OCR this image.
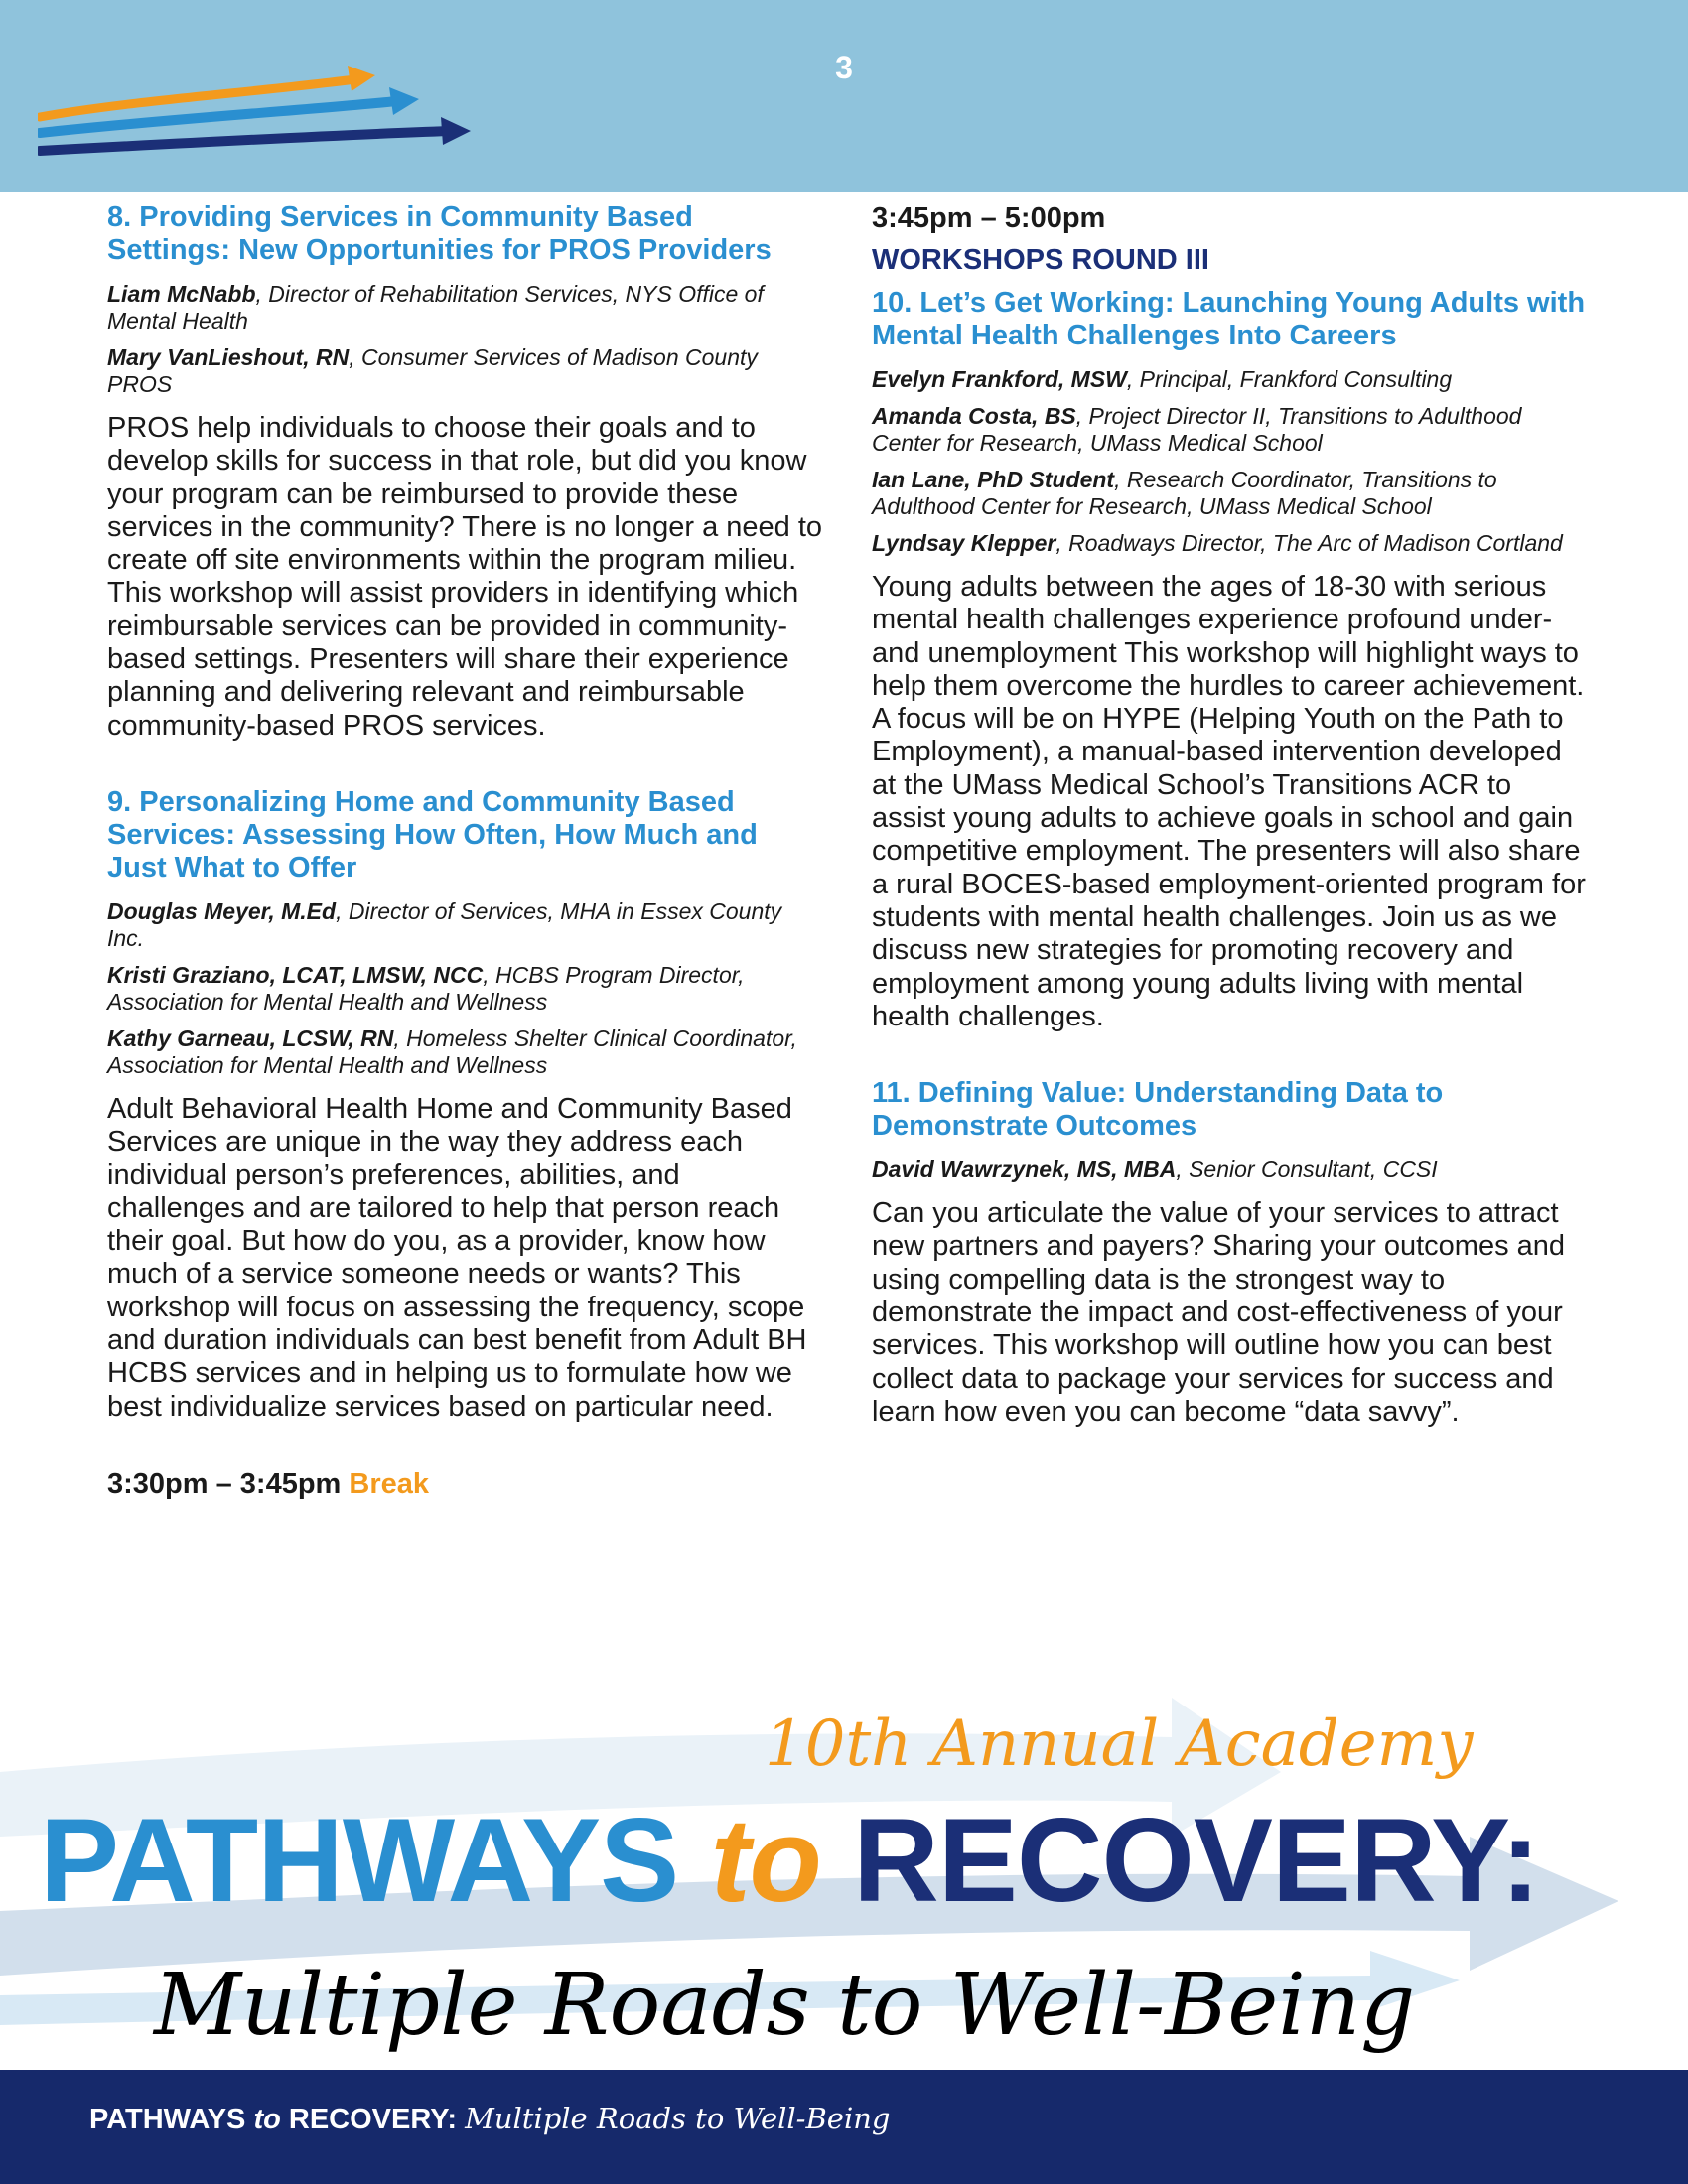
3
8. Providing Services in Community Based Settings: New Opportunities for PROS Providers
Liam McNabb, Director of Rehabilitation Services, NYS Office of Mental Health
Mary VanLieshout, RN, Consumer Services of Madison County PROS
PROS help individuals to choose their goals and to develop skills for success in that role, but did you know your program can be reimbursed to provide these services in the community? There is no longer a need to create off site environments within the program milieu. This workshop will assist providers in identifying which reimbursable services can be provided in community-based settings. Presenters will share their experience planning and delivering relevant and reimbursable community-based PROS services.
9. Personalizing Home and Community Based Services: Assessing How Often, How Much and Just What to Offer
Douglas Meyer, M.Ed, Director of Services, MHA in Essex County Inc.
Kristi Graziano, LCAT, LMSW, NCC, HCBS Program Director, Association for Mental Health and Wellness
Kathy Garneau, LCSW, RN, Homeless Shelter Clinical Coordinator, Association for Mental Health and Wellness
Adult Behavioral Health Home and Community Based Services are unique in the way they address each individual person’s preferences, abilities, and challenges and are tailored to help that person reach their goal. But how do you, as a provider, know how much of a service someone needs or wants? This workshop will focus on assessing the frequency, scope and duration individuals can best benefit from Adult BH HCBS services and in helping us to formulate how we best individualize services based on particular need.
3:30pm – 3:45pm Break
3:45pm – 5:00pm
WORKSHOPS ROUND III
10. Let’s Get Working: Launching Young Adults with Mental Health Challenges Into Careers
Evelyn Frankford, MSW, Principal, Frankford Consulting
Amanda Costa, BS, Project Director II, Transitions to Adulthood Center for Research, UMass Medical School
Ian Lane, PhD Student, Research Coordinator, Transitions to Adulthood Center for Research, UMass Medical School
Lyndsay Klepper, Roadways Director, The Arc of Madison Cortland
Young adults between the ages of 18-30 with serious mental health challenges experience profound under-and unemployment This workshop will highlight ways to help them overcome the hurdles to career achievement. A focus will be on HYPE (Helping Youth on the Path to Employment), a manual-based intervention developed at the UMass Medical School’s Transitions ACR to assist young adults to achieve goals in school and gain competitive employment. The presenters will also share a rural BOCES-based employment-oriented program for students with mental health challenges. Join us as we discuss new strategies for promoting recovery and employment among young adults living with mental health challenges.
11. Defining Value: Understanding Data to Demonstrate Outcomes
David Wawrzynek, MS, MBA, Senior Consultant, CCSI
Can you articulate the value of your services to attract new partners and payers? Sharing your outcomes and using compelling data is the strongest way to demonstrate the impact and cost-effectiveness of your services. This workshop will outline how you can best collect data to package your services for success and learn how even you can become “data savvy”.
10th Annual Academy
PATHWAYS to RECOVERY:
Multiple Roads to Well-Being
PATHWAYS to RECOVERY: Multiple Roads to Well-Being
